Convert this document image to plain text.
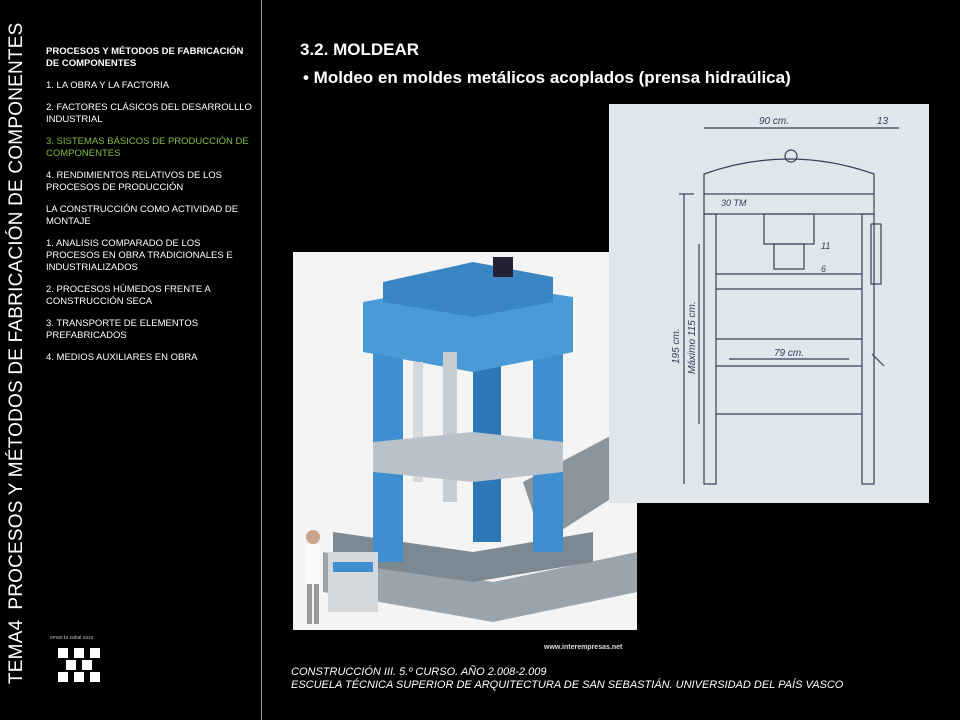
TEMA4PROCESOS Y MÉTODOS DE FABRICACIÓN DE COMPONENTES	PROCESOS Y MÉTODOS DE FABRICACIÓN
DE COMPONENTES
1. LA OBRA Y LA FACTORIA
2. FACTORES CLÁSICOS DEL DESARROLLLO INDUSTRIAL
3. SISTEMAS BÁSICOS DE PRODUCCIÓN DE COMPONENTES
4. RENDIMIENTOS RELATIVOS DE LOS PROCESOS DE PRODUCCIÓN
LA CONSTRUCCIÓN COMO ACTIVIDAD DE MONTAJE
1. ANALISIS COMPARADO DE LOS PROCESOS EN OBRA TRADICIONALES E INDUSTRIALIZADOS
2. PROCESOS HÚMEDOS FRENTE A CONSTRUCCIÓN SECA
3. TRANSPORTE DE ELEMENTOS PREFABRICADOS
4. MEDIOS AUXILIARES EN OBRA
eman ta zabal zazu
3.2. MOLDEAR
• Moldeo en moldes metálicos acoplados (prensa hidraúlica)
90 cm.	13
30 TM
11
6
79 cm.
195 cm. Máximo 115 cm.
www.interempresas.net
CONSTRUCCIÓN III. 5.º CURSO. AÑO 2.008-2.009
ESCUELA TÉCNICA SUPERIOR DE ARQUITECTURA DE SAN SEBASTIÁN. UNIVERSIDAD DEL PAÍS VASCO
